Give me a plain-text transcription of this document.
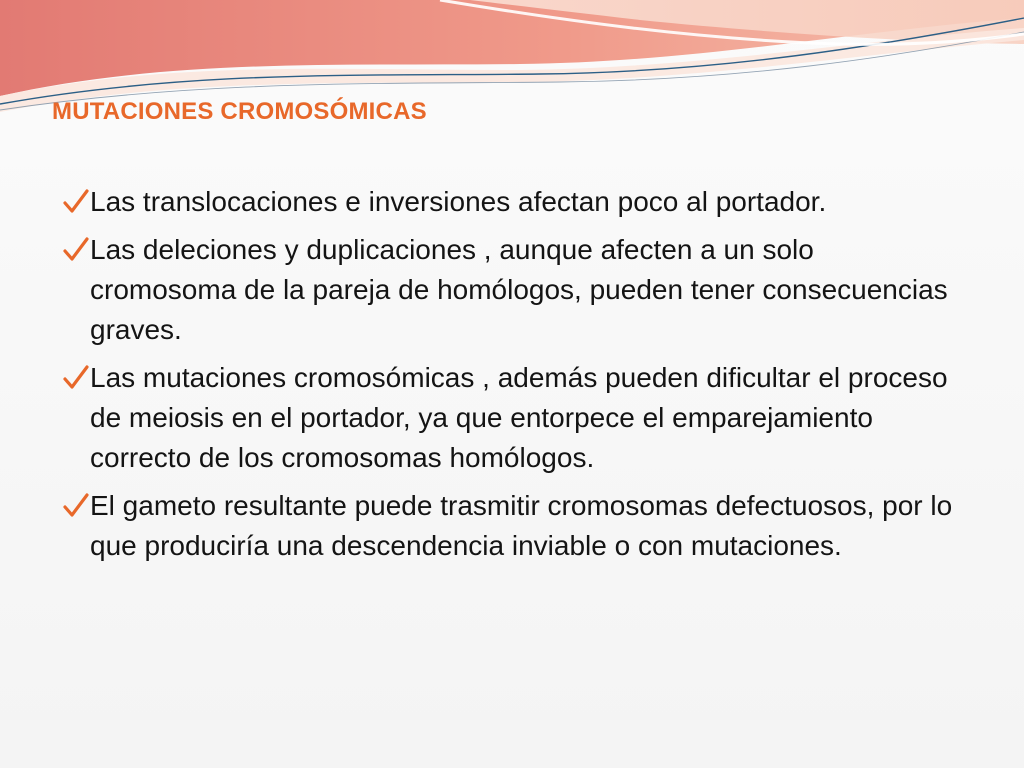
MUTACIONES CROMOSÓMICAS
Las translocaciones e inversiones afectan poco al portador.
Las deleciones y duplicaciones , aunque afecten a un solo cromosoma de la pareja de homólogos, pueden tener consecuencias graves.
Las mutaciones cromosómicas , además pueden dificultar el proceso de meiosis en el portador, ya que entorpece el emparejamiento correcto de los cromosomas homólogos.
El gameto resultante puede trasmitir cromosomas defectuosos, por lo que produciría una descendencia inviable o con mutaciones.
